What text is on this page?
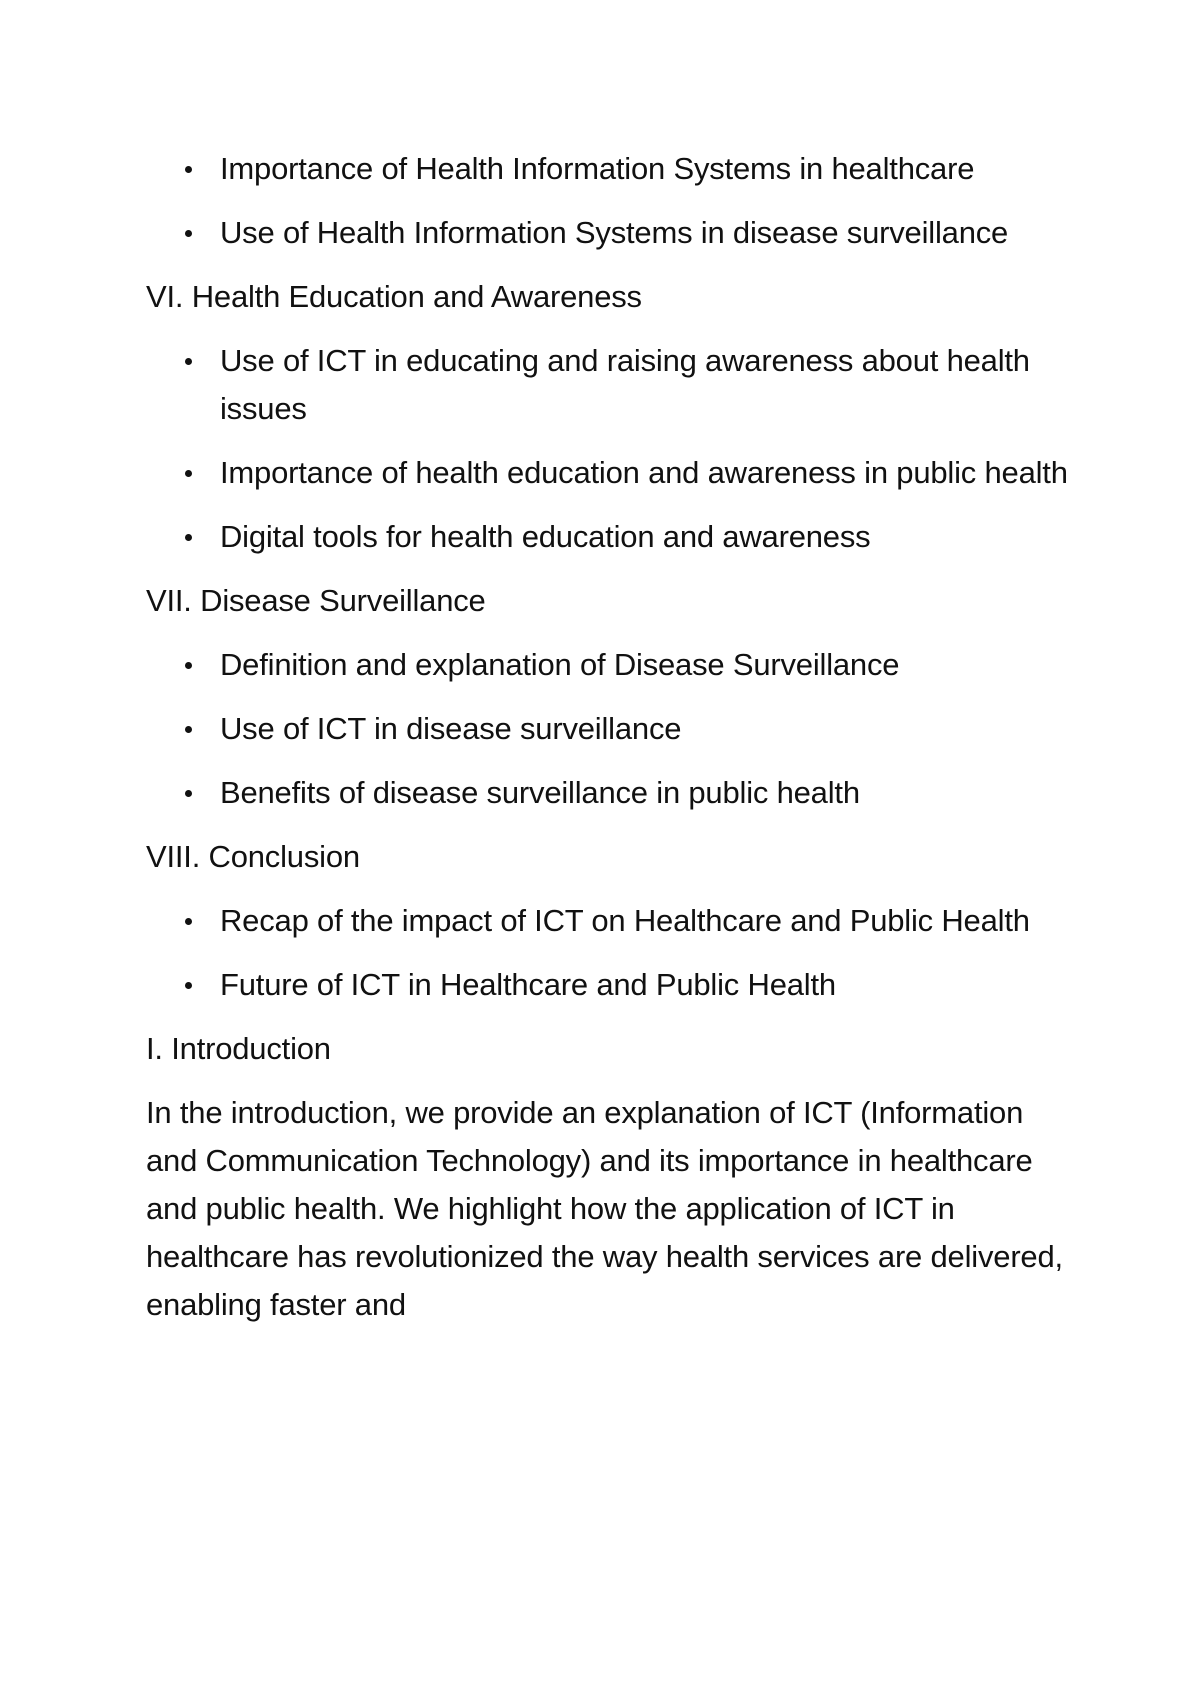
Importance of Health Information Systems in healthcare
Use of Health Information Systems in disease surveillance
VI. Health Education and Awareness
Use of ICT in educating and raising awareness about health issues
Importance of health education and awareness in public health
Digital tools for health education and awareness
VII. Disease Surveillance
Definition and explanation of Disease Surveillance
Use of ICT in disease surveillance
Benefits of disease surveillance in public health
VIII. Conclusion
Recap of the impact of ICT on Healthcare and Public Health
Future of ICT in Healthcare and Public Health
I. Introduction

In the introduction, we provide an explanation of ICT (Information and Communication Technology) and its importance in healthcare and public health. We highlight how the application of ICT in healthcare has revolutionized the way health services are delivered, enabling faster and
